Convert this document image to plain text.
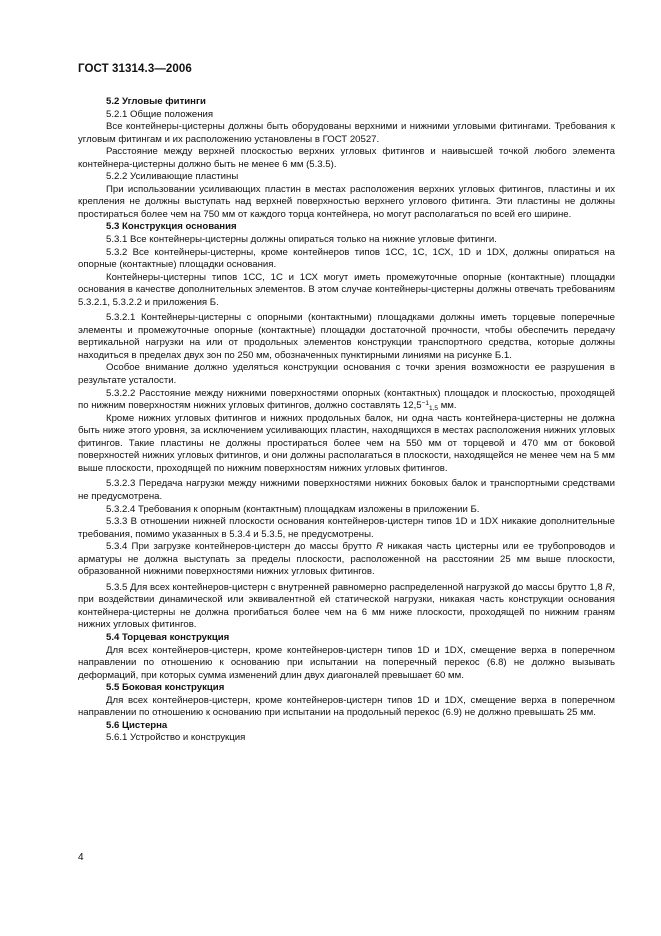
ГОСТ 31314.3—2006

5.2 Угловые фитинги

5.2.1 Общие положения

Все контейнеры-цистерны должны быть оборудованы верхними и нижними угловыми фитингами. Требования к угловым фитингам и их расположению установлены в ГОСТ 20527.

Расстояние между верхней плоскостью верхних угловых фитингов и наивысшей точкой любого элемента контейнера-цистерны должно быть не менее 6 мм (5.3.5).

5.2.2 Усиливающие пластины

При использовании усиливающих пластин в местах расположения верхних угловых фитингов, пластины и их крепления не должны выступать над верхней поверхностью верхнего углового фитинга. Эти пластины не должны простираться более чем на 750 мм от каждого торца контейнера, но могут располагаться по всей его ширине.

5.3 Конструкция основания

5.3.1 Все контейнеры-цистерны должны опираться только на нижние угловые фитинги.

5.3.2 Все контейнеры-цистерны, кроме контейнеров типов 1СС, 1С, 1СХ, 1D и 1DX, должны опираться на опорные (контактные) площадки основания.

Контейнеры-цистерны типов 1СС, 1С и 1СХ могут иметь промежуточные опорные (контактные) площадки основания в качестве дополнительных элементов. В этом случае контейнеры-цистерны должны отвечать требованиям 5.3.2.1, 5.3.2.2 и приложения Б.

5.3.2.1 Контейнеры-цистерны с опорными (контактными) площадками должны иметь торцевые поперечные элементы и промежуточные опорные (контактные) площадки достаточной прочности, чтобы обеспечить передачу вертикальной нагрузки на или от продольных элементов конструкции транспортного средства, которые должны находиться в пределах двух зон по 250 мм, обозначенных пунктирными линиями на рисунке Б.1.

Особое внимание должно уделяться конструкции основания с точки зрения возможности ее разрушения в результате усталости.

5.3.2.2 Расстояние между нижними поверхностями опорных (контактных) площадок и плоскостью, проходящей по нижним поверхностям нижних угловых фитингов, должно составлять $12,5^{-1}_{1,5}$ мм.

Кроме нижних угловых фитингов и нижних продольных балок, ни одна часть контейнера-цистерны не должна быть ниже этого уровня, за исключением усиливающих пластин, находящихся в местах расположения нижних угловых фитингов. Такие пластины не должны простираться более чем на 550 мм от торцевой и 470 мм от боковой поверхностей нижних угловых фитингов, и они должны располагаться в плоскости, находящейся не менее чем на 5 мм выше плоскости, проходящей по нижним поверхностям нижних угловых фитингов.

5.3.2.3 Передача нагрузки между нижними поверхностями нижних боковых балок и транспортными средствами не предусмотрена.

5.3.2.4 Требования к опорным (контактным) площадкам изложены в приложении Б.

5.3.3 В отношении нижней плоскости основания контейнеров-цистерн типов 1D и 1DX никакие дополнительные требования, помимо указанных в 5.3.4 и 5.3.5, не предусмотрены.

5.3.4 При загрузке контейнеров-цистерн до массы брутто R никакая часть цистерны или ее трубопроводов и арматуры не должна выступать за пределы плоскости, расположенной на расстоянии 25 мм выше плоскости, образованной нижними поверхностями нижних угловых фитингов.

5.3.5 Для всех контейнеров-цистерн с внутренней равномерно распределенной нагрузкой до массы брутто 1,8 R, при воздействии динамической или эквивалентной ей статической нагрузки, никакая часть конструкции основания контейнера-цистерны не должна прогибаться более чем на 6 мм ниже плоскости, проходящей по нижним граням нижних угловых фитингов.

5.4 Торцевая конструкция

Для всех контейнеров-цистерн, кроме контейнеров-цистерн типов 1D и 1DX, смещение верха в поперечном направлении по отношению к основанию при испытании на поперечный перекос (6.8) не должно вызывать деформаций, при которых сумма изменений длин двух диагоналей превышает 60 мм.

5.5 Боковая конструкция

Для всех контейнеров-цистерн, кроме контейнеров-цистерн типов 1D и 1DX, смещение верха в поперечном направлении по отношению к основанию при испытании на продольный перекос (6.9) не должно превышать 25 мм.

5.6 Цистерна

5.6.1 Устройство и конструкция

4
